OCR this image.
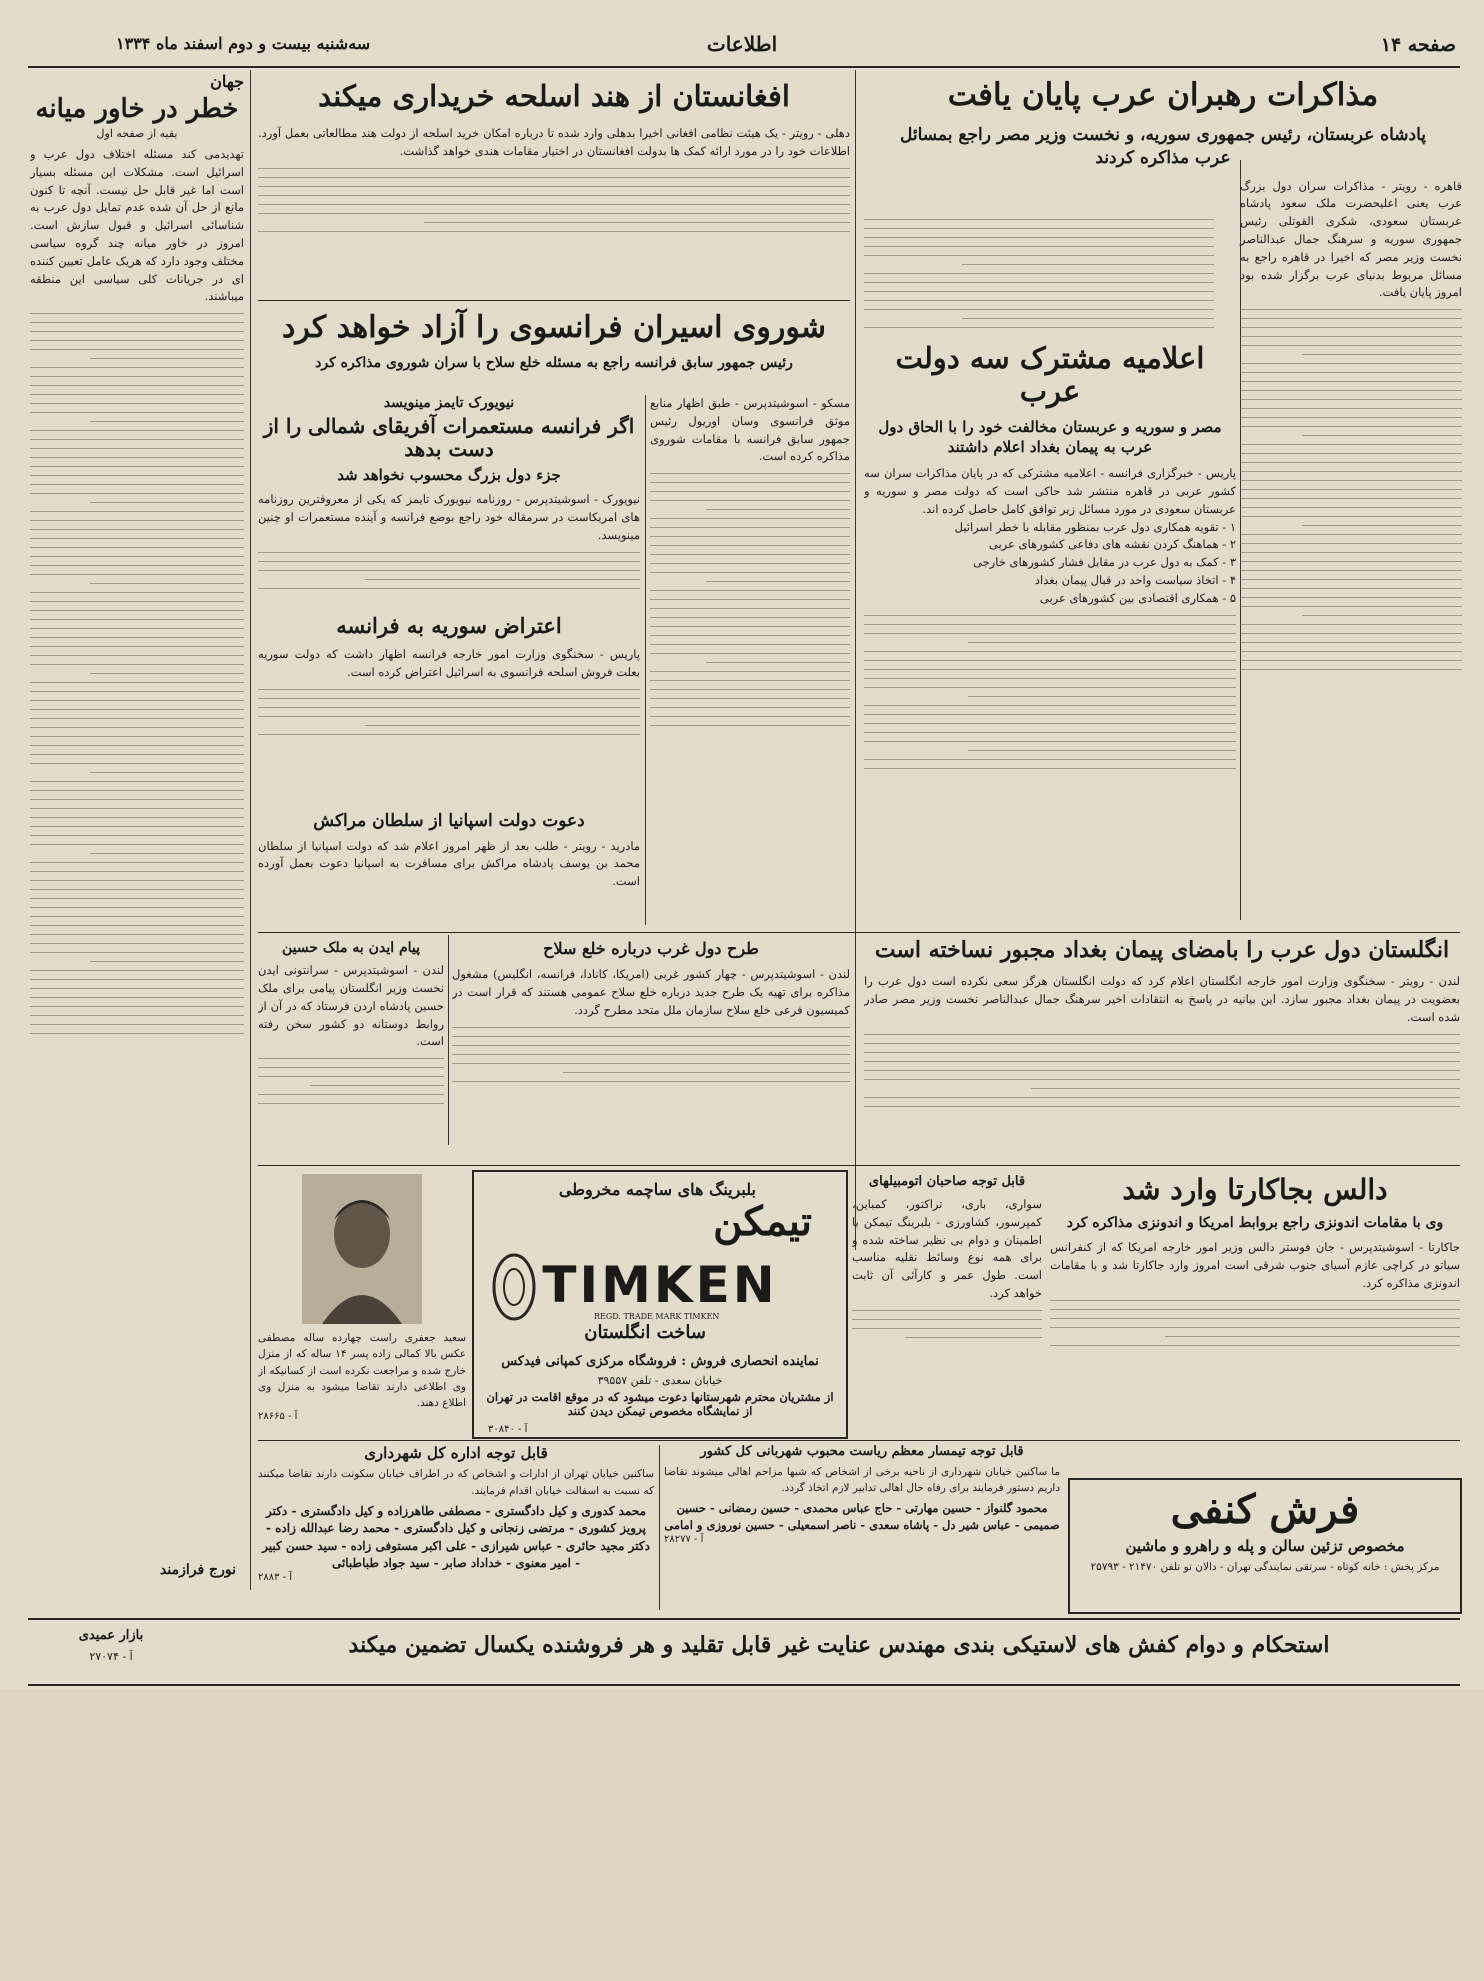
صفحه ۱۴
اطلاعات
سه‌شنبه بیست و دوم اسفند ماه ۱۳۳۴
جهان
خطر در خاور میانه
بقیه از صفحه اول
تهدیدمی کند مسئله اختلاف دول عرب و اسرائیل است. مشکلات این مسئله بسیار است اما غیر قابل حل نیست. آنچه تا کنون مانع از حل آن شده عدم تمایل دول عرب به شناسائی اسرائیل و قبول سازش است. امروز در خاور میانه چند گروه سیاسی مختلف وجود دارد که هریک عامل تعیین کننده ای در جریانات کلی سیاسی این منطقه میباشند.
نورج فرازمند
مذاکرات رهبران عرب پایان یافت
پادشاه عربستان، رئیس جمهوری سوریه، و نخست وزیر مصر راجع بمسائل عرب مذاکره کردند
قاهره - رویتر - مذاکرات سران دول بزرگ عرب یعنی اعلیحضرت ملک سعود پادشاه عربستان سعودی، شکری القوتلی رئیس جمهوری سوریه و سرهنگ جمال عبدالناصر نخست وزیر مصر که اخیرا در قاهره راجع به مسائل مربوط بدنیای عرب برگزار شده بود امروز پایان یافت.
اعلامیه مشترک سه دولت عرب
مصر و سوریه و عربستان مخالفت خود را با الحاق دول عرب به پیمان بغداد اعلام داشتند
پاریس - خبرگزاری فرانسه - اعلامیه مشترکی که در پایان مذاکرات سران سه کشور عربی در قاهره منتشر شد حاکی است که دولت مصر و سوریه و عربستان سعودی در مورد مسائل زیر توافق کامل حاصل کرده اند.
۱ - تقویه همکاری دول عرب بمنظور مقابله با خطر اسرائیل
۲ - هماهنگ کردن نقشه های دفاعی کشورهای عربی
۳ - کمک به دول عرب در مقابل فشار کشورهای خارجی
۴ - اتخاذ سیاست واحد در قبال پیمان بغداد
۵ - همکاری اقتصادی بین کشورهای عربی
افغانستان از هند اسلحه خریداری میکند
دهلی - رویتر - یک هیئت نظامی افغانی اخیرا بدهلی وارد شده تا درباره امکان خرید اسلحه از دولت هند مطالعاتی بعمل آورد. اطلاعات خود را در مورد ارائه کمک ها بدولت افغانستان در اختیار مقامات هندی خواهد گذاشت.
شوروی اسیران فرانسوی را آزاد خواهد کرد
رئیس جمهور سابق فرانسه راجع به مسئله خلع سلاح با سران شوروی مذاکره کرد
مسکو - اسوشیتدپرس - طبق اظهار منابع موثق فرانسوی وسان اوریول رئیس جمهور سابق فرانسه با مقامات شوروی مذاکره کرده است.
نیویورک تایمز مینویسد
اگر فرانسه مستعمرات آفریقای شمالی را از دست بدهد
جزء دول بزرگ محسوب نخواهد شد
نیویورک - اسوشیتدپرس - روزنامه نیویورک تایمز که یکی از معروفترین روزنامه های امریکاست در سرمقاله خود راجع بوضع فرانسه و آینده مستعمرات او چنین مینویسد.
اعتراض سوریه به فرانسه
پاریس - سخنگوی وزارت امور خارجه فرانسه اظهار داشت که دولت سوریه بعلت فروش اسلحه فرانسوی به اسرائیل اعتراض کرده است.
دعوت دولت اسپانیا از سلطان مراکش
مادرید - رویتر - طلب بعد از ظهر امروز اعلام شد که دولت اسپانیا از سلطان محمد بن یوسف پادشاه مراکش برای مسافرت به اسپانیا دعوت بعمل آورده است.
انگلستان دول عرب را بامضای پیمان بغداد مجبور نساخته است
لندن - رویتر - سخنگوی وزارت امور خارجه انگلستان اعلام کرد که دولت انگلستان هرگز سعی نکرده است دول عرب را بعضویت در پیمان بغداد مجبور سازد. این بیانیه در پاسخ به انتقادات اخیر سرهنگ جمال عبدالناصر نخست وزیر مصر صادر شده است.
طرح دول غرب درباره خلع سلاح
لندن - اسوشیتدپرس - چهار کشور غربی (امریکا، کانادا، فرانسه، انگلیس) مشغول مذاکره برای تهیه یک طرح جدید درباره خلع سلاح عمومی هستند که قرار است در کمیسیون فرعی خلع سلاح سازمان ملل متحد مطرح گردد.
پیام ایدن به ملک حسین
لندن - اسوشیتدپرس - سرانتونی ایدن نخست وزیر انگلستان پیامی برای ملک حسین پادشاه اردن فرستاد که در آن از روابط دوستانه دو کشور سخن رفته است.
بلبرینگ های ساچمه مخروطی
تیمکن
TIMKEN
REGD. TRADE MARK TIMKEN
ساخت انگلستان
نماینده انحصاری فروش : فروشگاه مرکزی کمپانی فیدکس
خیابان سعدی - تلفن ۳۹۵۵۷
از مشتریان محترم شهرستانها دعوت میشود که در موقع اقامت در تهران از نمایشگاه مخصوص تیمکن دیدن کنند
آ - ۳۰۸۴۰
قابل توجه صاحبان اتومبیلهای
سواری، باری، تراکتور، کمباین، کمپرسور، کشاورزی - بلبرینگ تیمکن با اطمینان و دوام بی نظیر ساخته شده و برای همه نوع وسائط نقلیه مناسب است. طول عمر و کارآئی آن ثابت خواهد کرد.
سعید جعفری راست چهارده ساله مصطفی عکس بالا کمالی زاده پسر ۱۴ ساله که از منزل خارج شده و مراجعت نکرده است از کسانیکه از وی اطلاعی دارند تقاضا میشود به منزل وی اطلاع دهند.
آ - ۲۸۶۶۵
دالس بجاکارتا وارد شد
وی با مقامات اندونزی راجع بروابط امریکا و اندونزی مذاکره کرد
جاکارتا - اسوشیتدپرس - جان فوستر دالس وزیر امور خارجه امریکا که از کنفرانس سیاتو در کراچی عازم آسیای جنوب شرقی است امروز وارد جاکارتا شد و با مقامات اندونزی مذاکره کرد.
قابل توجه اداره کل شهرداری
ساکنین خیابان تهران از ادارات و اشخاص که در اطراف خیابان سکونت دارند تقاضا میکنند که نسبت به اسفالت خیابان اقدام فرمایند.
محمد کدوری و کیل دادگستری - مصطفی طاهرزاده و کیل دادگستری - دکتر پرویز کشوری - مرتضی زنجانی و کیل دادگستری - محمد رضا عبدالله زاده - دکتر مجید حائری - عباس شیرازی - علی اکبر مستوفی زاده - سید حسن کبیر - امیر معنوی - خداداد صابر - سید جواد طباطبائی
آ - ۲۸۸۳
قابل توجه تیمسار معظم ریاست محبوب شهربانی کل کشور
ما ساکنین خیابان شهرداری از ناحیه برخی از اشخاص که شبها مزاحم اهالی میشوند تقاضا داریم دستور فرمایند برای رفاه حال اهالی تدابیر لازم اتخاذ گردد.
محمود گلنواز - حسین مهارتی - حاج عباس محمدی - حسین رمضانی - حسین صمیمی - عباس شیر دل - پاشاه سعدی - ناصر اسمعیلی - حسین نوروزی و امامی
آ - ۲۸۲۷۷
فرش کنفی
مخصوص تزئین سالن و پله و راهرو و ماشین
مرکز پخش : خانه کوتاه - سرتقی نمایندگی تهران - دالان تو تلفن ۲۱۴۷۰ - ۲۵۷۹۳
استحکام و دوام کفش های لاستیکی بندی مهندس عنایت غیر قابل تقلید و هر فروشنده یکسال تضمین میکند
بازار عمیدی
آ - ۲۷۰۷۴
